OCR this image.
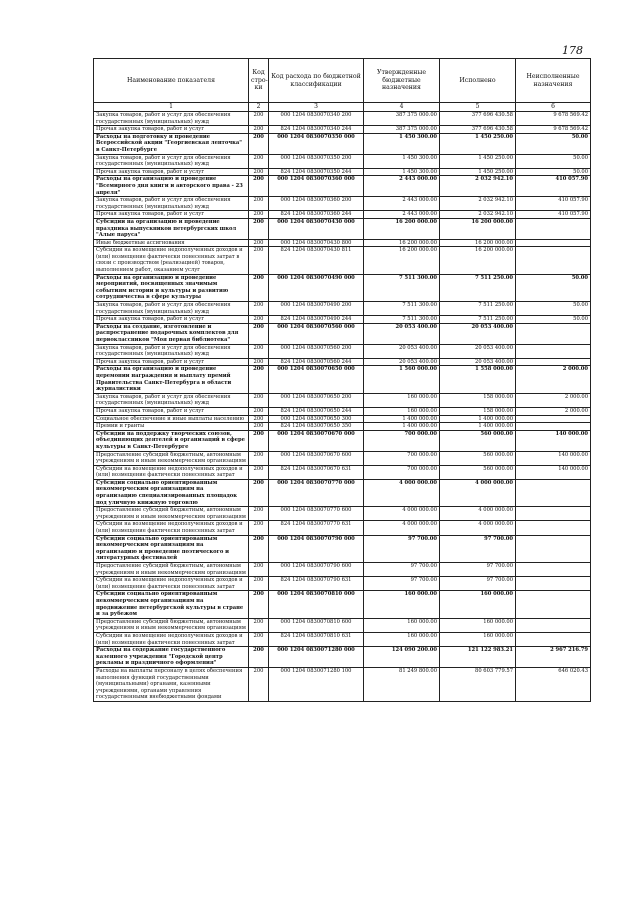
178
Наименование показателя	Код стро-ки	Код расхода по бюджетной классификации	Утвержденные бюджетные назначения	Исполнено	Неисполненные назначения
1	2	3	4	5	6
Закупка товаров, работ и услуг для обеспечения государственных (муниципальных) нужд	200	000 1204 0830070340 200	387 375 000.00	377 696 430.58	9 678 569.42
Прочая закупка товаров, работ и услуг	200	824 1204 0830070340 244	387 375 000.00	377 696 430.58	9 678 569.42
Расходы на подготовку и проведение Всероссийской акции "Георгиевская ленточка" в Санкт-Петербурге	200	000 1204 0830070350 000	1 450 300.00	1 450 250.00	50.00
Закупка товаров, работ и услуг для обеспечения государственных (муниципальных) нужд	200	000 1204 0830070350 200	1 450 300.00	1 450 250.00	50.00
Прочая закупка товаров, работ и услуг	200	824 1204 0830070350 244	1 450 300.00	1 450 250.00	50.00
Расходы на организацию и проведение "Всемирного дня книги и авторского права - 23 апреля"	200	000 1204 0830070360 000	2 443 000.00	2 032 942.10	410 057.90
Закупка товаров, работ и услуг для обеспечения государственных (муниципальных) нужд	200	000 1204 0830070360 200	2 443 000.00	2 032 942.10	410 057.90
Прочая закупка товаров, работ и услуг	200	824 1204 0830070360 244	2 443 000.00	2 032 942.10	410 057.90
Субсидии на организацию и проведение праздника выпускников петербургских школ "Алые паруса"	200	000 1204 0830070430 000	16 200 000.00	16 200 000.00	
Иные бюджетные ассигнования	200	000 1204 0830070430 800	16 200 000.00	16 200 000.00	
Субсидии на возмещение недополученных доходов и (или) возмещение фактически понесенных затрат в связи с производством (реализацией) товаров, выполнением работ, оказанием услуг	200	824 1204 0830070430 811	16 200 000.00	16 200 000.00	
Расходы на организацию и проведение мероприятий, посвященных значимым событиям истории и культуры и развитию сотрудничества в сфере культуры	200	000 1204 0830070490 000	7 511 300.00	7 511 250.00	50.00
Закупка товаров, работ и услуг для обеспечения государственных (муниципальных) нужд	200	000 1204 0830070490 200	7 511 300.00	7 511 250.00	50.00
Прочая закупка товаров, работ и услуг	200	824 1204 0830070490 244	7 511 300.00	7 511 250.00	50.00
Расходы на создание, изготовление и распространение подарочных комплектов для первоклассников "Моя первая библиотека"	200	000 1204 0830070560 000	20 053 400.00	20 053 400.00	
Закупка товаров, работ и услуг для обеспечения государственных (муниципальных) нужд	200	000 1204 0830070560 200	20 053 400.00	20 053 400.00	
Прочая закупка товаров, работ и услуг	200	824 1204 0830070560 244	20 053 400.00	20 053 400.00	
Расходы на организацию и проведение церемонии награждения и выплату премий Правительства Санкт-Петербурга в области журналистики	200	000 1204 0830070650 000	1 560 000.00	1 558 000.00	2 000.00
Закупка товаров, работ и услуг для обеспечения государственных (муниципальных) нужд	200	000 1204 0830070650 200	160 000.00	158 000.00	2 000.00
Прочая закупка товаров, работ и услуг	200	824 1204 0830070650 244	160 000.00	158 000.00	2 000.00
Социальное обеспечение и иные выплаты населению	200	000 1204 0830070650 300	1 400 000.00	1 400 000.00	
Премии и гранты	200	824 1204 0830070650 350	1 400 000.00	1 400 000.00	
Субсидии на поддержку творческих союзов, объединяющих деятелей и организаций в сфере культуры в Санкт-Петербурге	200	000 1204 0830070670 000	700 000.00	560 000.00	140 000.00
Предоставление субсидий бюджетным, автономным учреждениям и иным некоммерческим организациям	200	000 1204 0830070670 600	700 000.00	560 000.00	140 000.00
Субсидии на возмещение недополученных доходов и (или) возмещение фактически понесенных затрат	200	824 1204 0830070670 631	700 000.00	560 000.00	140 000.00
Субсидии социально ориентированным некоммерческим организациям на организацию специализированных площадок под уличную книжную торговлю	200	000 1204 0830070770 000	4 000 000.00	4 000 000.00	
Предоставление субсидий бюджетным, автономным учреждениям и иным некоммерческим организациям	200	000 1204 0830070770 600	4 000 000.00	4 000 000.00	
Субсидии на возмещение недополученных доходов и (или) возмещение фактически понесенных затрат	200	824 1204 0830070770 631	4 000 000.00	4 000 000.00	
Субсидии социально ориентированным некоммерческим организациям на организацию и проведение поэтического и литературных фестивалей	200	000 1204 0830070790 000	97 700.00	97 700.00	
Предоставление субсидий бюджетным, автономным учреждениям и иным некоммерческим организациям	200	000 1204 0830070790 600	97 700.00	97 700.00	
Субсидии на возмещение недополученных доходов и (или) возмещение фактически понесенных затрат	200	824 1204 0830070790 631	97 700.00	97 700.00	
Субсидии социально ориентированным некоммерческим организациям на продвижение петербургской культуры в стране и за рубежом	200	000 1204 0830070810 000	160 000.00	160 000.00	
Предоставление субсидий бюджетным, автономным учреждениям и иным некоммерческим организациям	200	000 1204 0830070810 600	160 000.00	160 000.00	
Субсидии на возмещение недополученных доходов и (или) возмещение фактически понесенных затрат	200	824 1204 0830070810 631	160 000.00	160 000.00	
Расходы на содержание государственного казенного учреждения "Городской центр рекламы и праздничного оформления"	200	000 1204 0830071280 000	124 090 200.00	121 122 983.21	2 967 216.79
Расходы на выплаты персоналу в целях обеспечения выполнения функций государственными (муниципальными) органами, казенными учреждениями, органами управления государственными внебюджетными фондами	200	000 1204 0830071280 100	81 249 800.00	80 603 779.57	646 020.43
